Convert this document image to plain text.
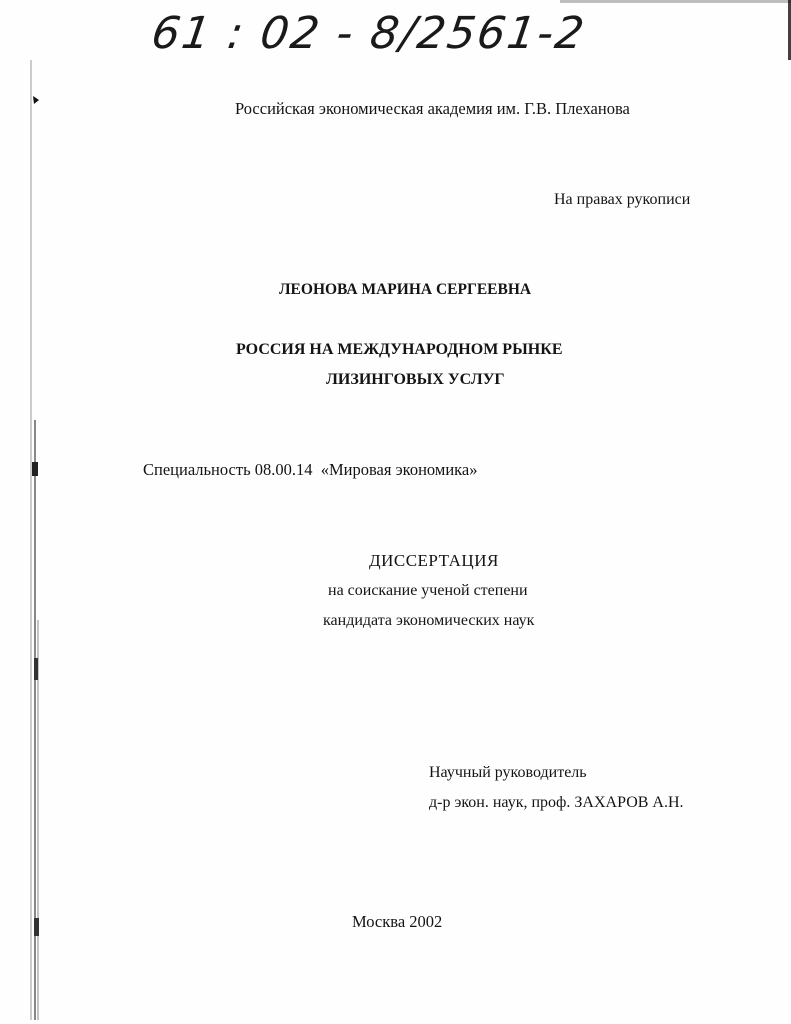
61 : 02 - 8/2561-2
Российская экономическая академия им. Г.В. Плеханова
На правах рукописи
ЛЕОНОВА МАРИНА СЕРГЕЕВНА
РОССИЯ НА МЕЖДУНАРОДНОМ РЫНКЕ
ЛИЗИНГОВЫХ УСЛУГ
Специальность 08.00.14 «Мировая экономика»
ДИССЕРТАЦИЯ
на соискание ученой степени
кандидата экономических наук
Научный руководитель
д-р экон. наук, проф. ЗАХАРОВ А.Н.
Москва 2002
